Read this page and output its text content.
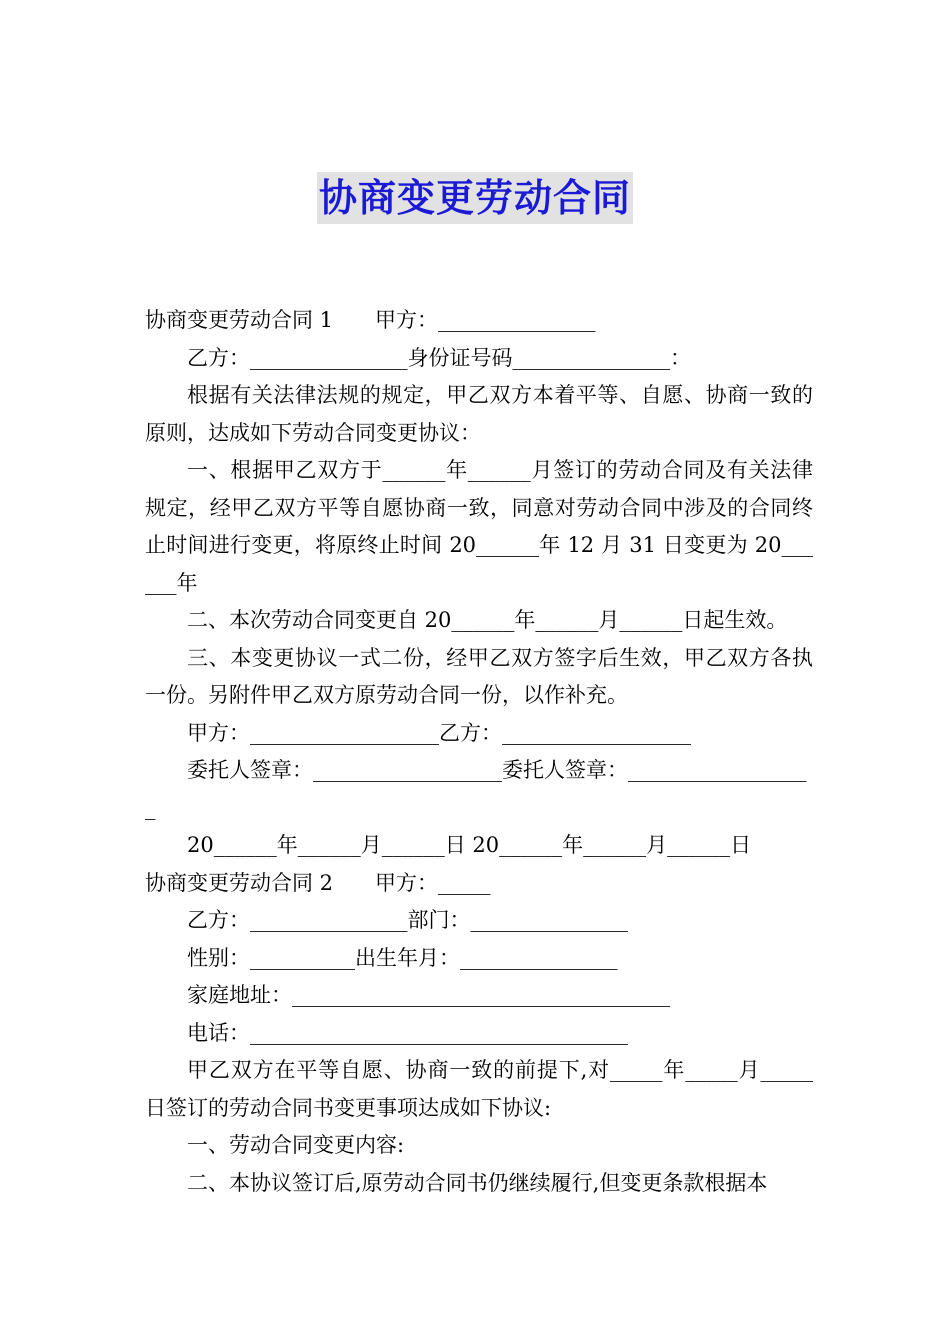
协商变更劳动合同

协商变更劳动合同 1　　甲方：_______________

乙方：_______________身份证号码_______________：

根据有关法律法规的规定，甲乙双方本着平等、自愿、协商一致的原则，达成如下劳动合同变更协议：

一、根据甲乙双方于______年______月签订的劳动合同及有关法律规定，经甲乙双方平等自愿协商一致，同意对劳动合同中涉及的合同终止时间进行变更，将原终止时间 20______年 12 月 31 日变更为 20______年

二、本次劳动合同变更自 20______年______月______日起生效。

三、本变更协议一式二份，经甲乙双方签字后生效，甲乙双方各执一份。另附件甲乙双方原劳动合同一份，以作补充。

甲方：__________________乙方：__________________

委托人签章：__________________委托人签章：__________________

20______年______月______日 20______年______月______日

协商变更劳动合同 2　　甲方：_____

乙方：_______________部门：_______________

性别：__________出生年月：_______________

家庭地址：____________________________________

电话：____________________________________

甲乙双方在平等自愿、协商一致的前提下,对_____年_____月_____日签订的劳动合同书变更事项达成如下协议:

一、劳动合同变更内容:

二、本协议签订后,原劳动合同书仍继续履行,但变更条款根据本
